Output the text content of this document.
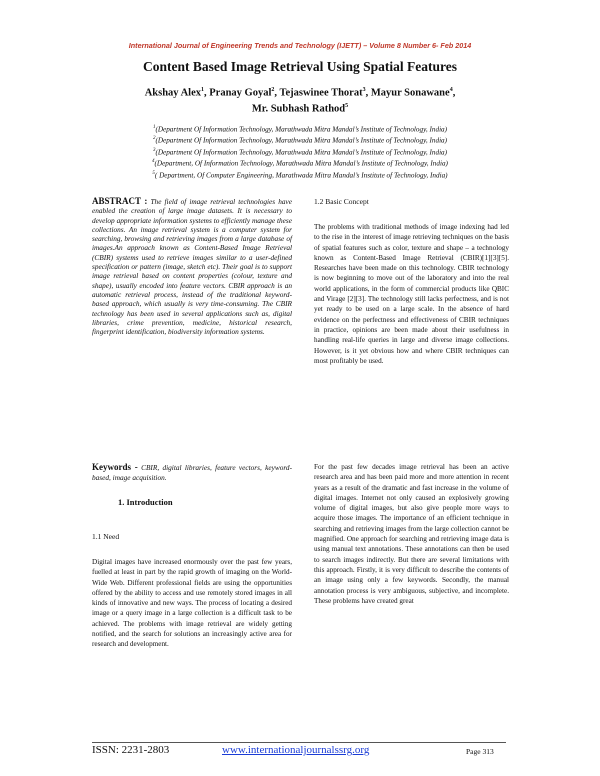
International Journal of Engineering Trends and Technology (IJETT) – Volume 8 Number 6- Feb 2014
Content Based Image Retrieval Using Spatial Features
Akshay Alex$^1$, Pranay Goyal$^2$, Tejaswinee Thorat$^3$, Mayur Sonawane$^4$,
Mr. Subhash Rathod$^5$
$^1$(Department Of Information Technology, Marathwada Mitra Mandal’s Institute of Technology, India)
$^2$(Department Of Information Technology, Marathwada Mitra Mandal’s Institute of Technology, India)
$^3$(Department Of Information Technology, Marathwada Mitra Mandal’s Institute of Technology, India)
$^4$(Department, Of Information Technology, Marathwada Mitra Mandal’s Institute of Technology, India)
$^5$( Department, Of Computer Engineering, Marathwada Mitra Mandal’s Institute of Technology, India)
ABSTRACT : The field of image retrieval technologies have enabled the creation of large image datasets. It is necessary to develop appropriate information systems to efficiently manage these collections. An image retrieval system is a computer system for searching, browsing and retrieving images from a large database of images.An approach known as Content-Based Image Retrieval (CBIR) systems used to retrieve images similar to a user-defined specification or pattern (image, sketch etc). Their goal is to support image retrieval based on content properties (colour, texture and shape), usually encoded into feature vectors. CBIR approach is an automatic retrieval process, instead of the traditional keyword-based approach, which usually is very time-consuming. The CBIR technology has been used in several applications such as, digital libraries, crime prevention, medicine, historical research, fingerprint identification, biodiversity information systems.
Keywords - CBIR, digital libraries, feature vectors, keyword-based, image acquisition.
1. Introduction
1.1 Need
Digital images have increased enormously over the past few years, fuelled at least in part by the rapid growth of imaging on the World-Wide Web. Different professional fields are using the opportunities offered by the ability to access and use remotely stored images in all kinds of innovative and new ways. The process of locating a desired image or a query image in a large collection is a difficult task to be achieved. The problems with image retrieval are widely getting notified, and the search for solutions an increasingly active area for research and development.
1.2 Basic Concept
The problems with traditional methods of image indexing had led to the rise in the interest of image retrieving techniques on the basis of spatial features such as color, texture and shape – a technology known as Content-Based Image Retrieval (CBIR)[1][3][5]. Researches have been made on this technology. CBIR technology is now beginning to move out of the laboratory and into the real world applications, in the form of commercial products like QBIC and Virage [2][3]. The technology still lacks perfectness, and is not yet ready to be used on a large scale. In the absence of hard evidence on the perfectness and effectiveness of CBIR techniques in practice, opinions are been made about their usefulness in handling real-life queries in large and diverse image collections. However, is it yet obvious how and where CBIR techniques can most profitably be used.
For the past few decades image retrieval has been an active research area and has been paid more and more attention in recent years as a result of the dramatic and fast increase in the volume of digital images. Internet not only caused an explosively growing volume of digital images, but also give people more ways to acquire those images. The importance of an efficient technique in searching and retrieving images from the large collection cannot be magnified. One approach for searching and retrieving image data is using manual text annotations. These annotations can then be used to search images indirectly. But there are several limitations with this approach. Firstly, it is very difficult to describe the contents of an image using only a few keywords. Secondly, the manual annotation process is very ambiguous, subjective, and incomplete. These problems have created great
ISSN: 2231-2803	www.internationaljournalssrg.org	Page 313
